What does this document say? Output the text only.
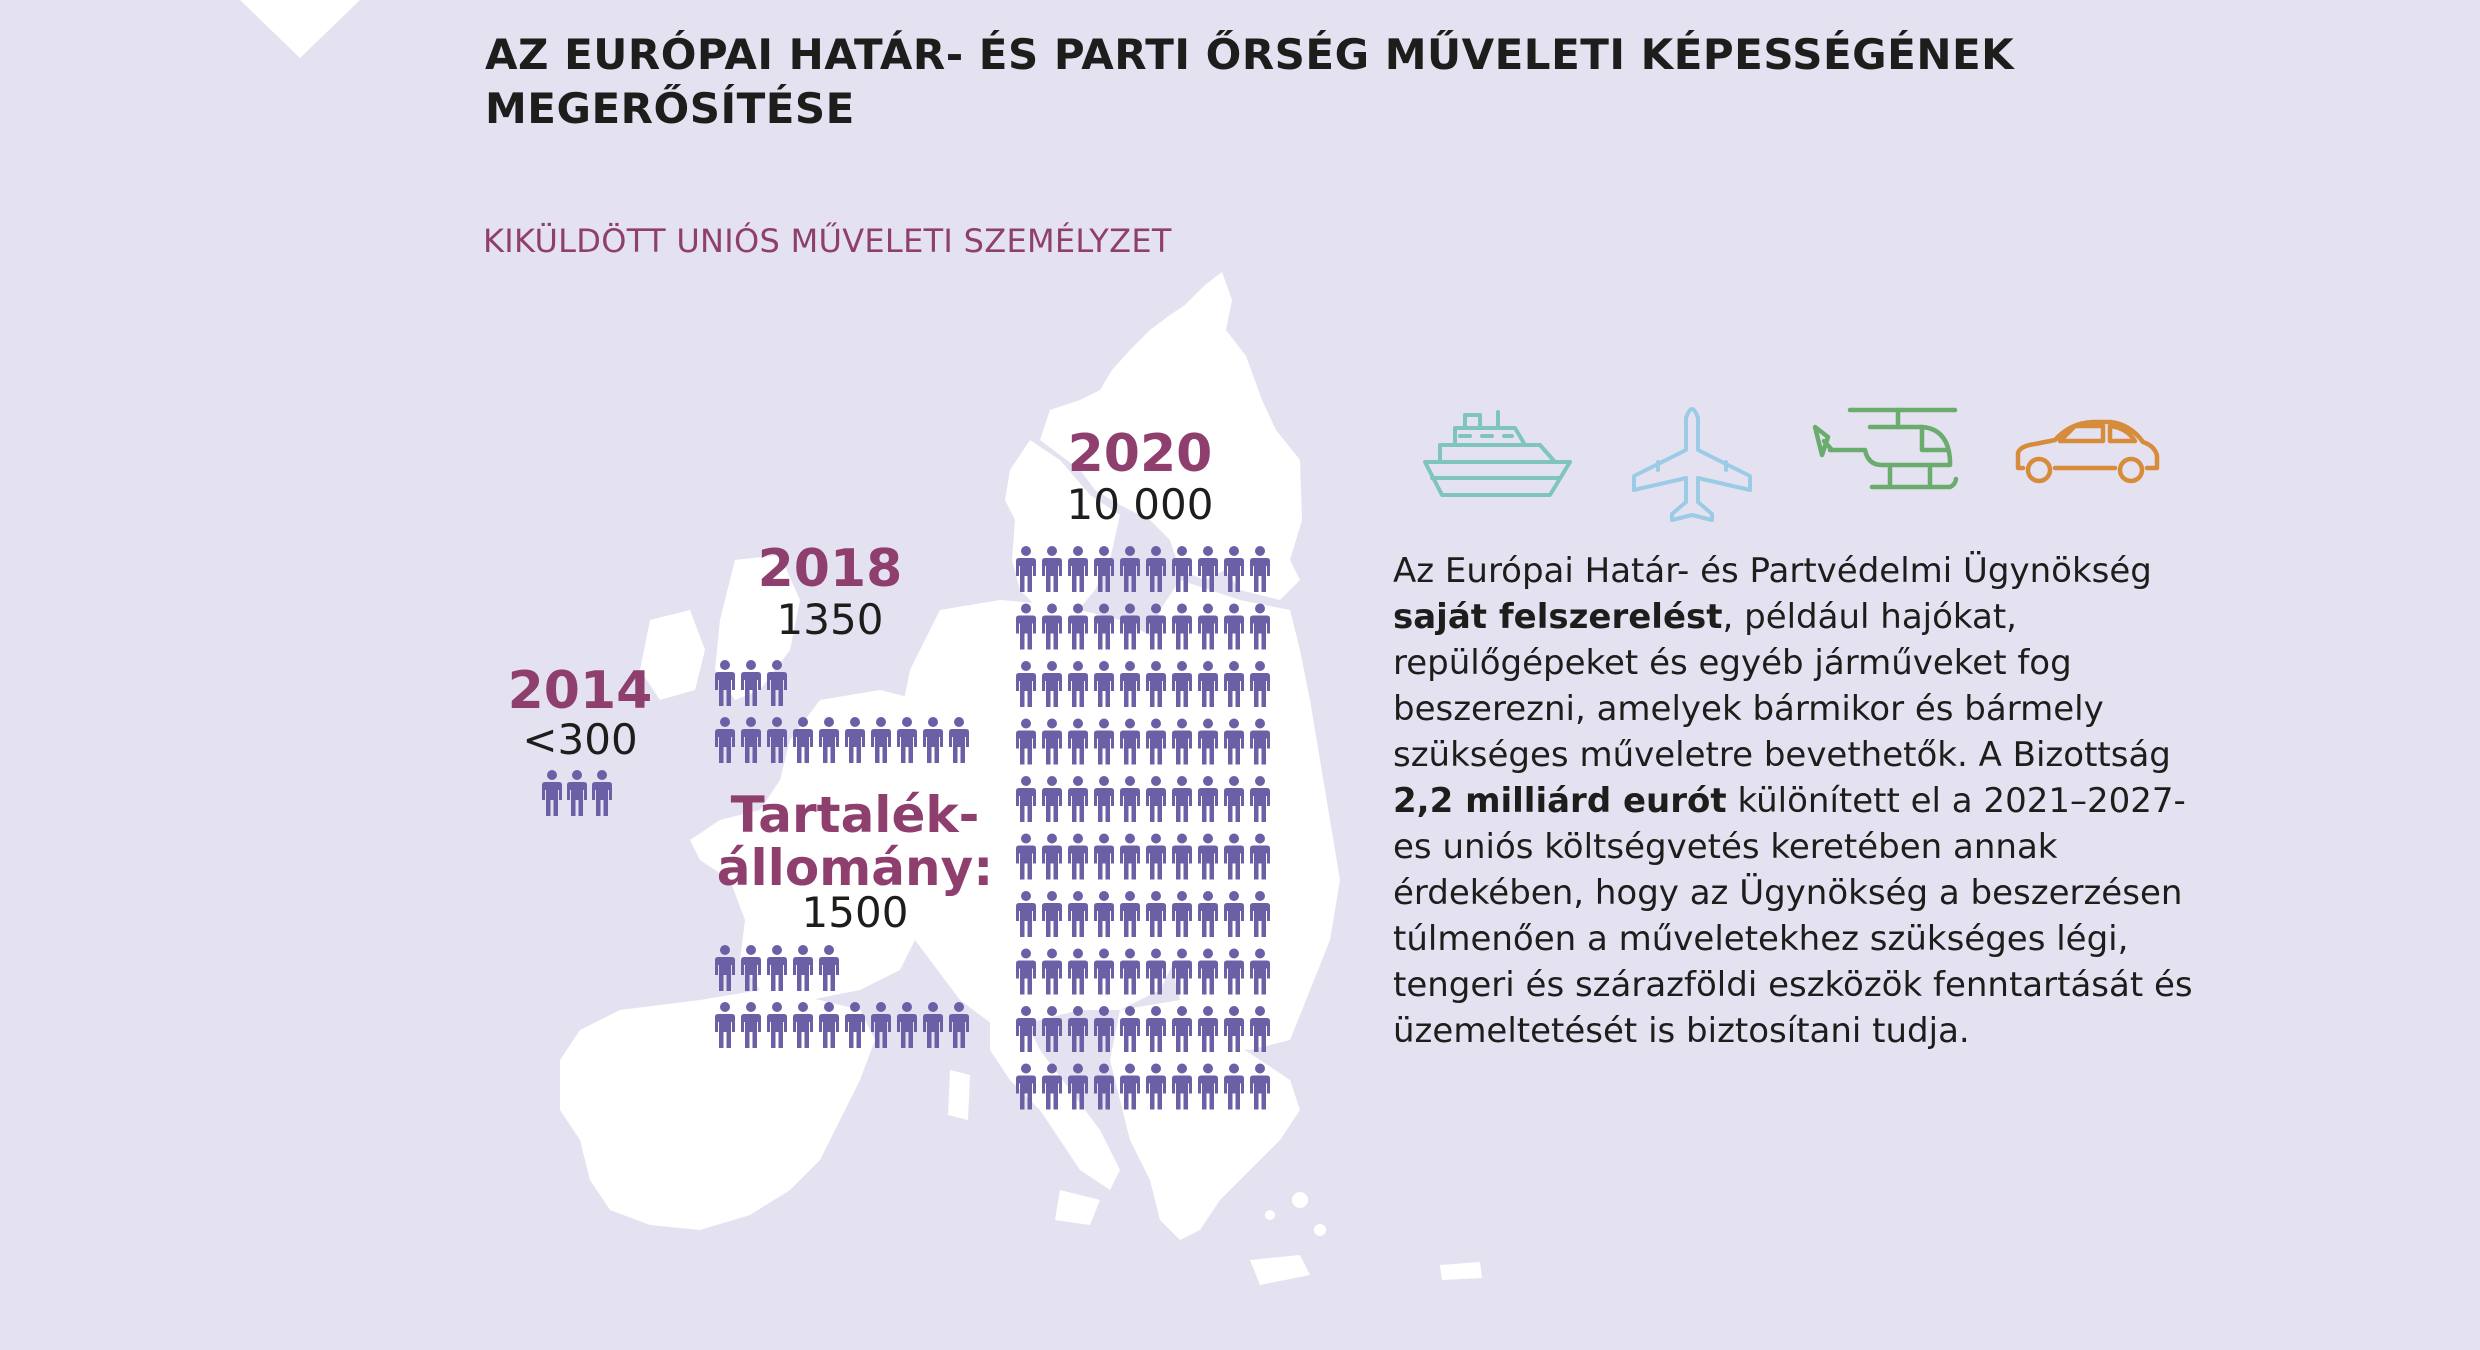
AZ EURÓPAI HATÁR- ÉS PARTI ŐRSÉG MŰVELETI KÉPESSÉGÉNEK MEGERŐSÍTÉSE
KIKÜLDÖTT UNIÓS MŰVELETI SZEMÉLYZET
2014
<300
2018
1350
2020
10 000
Tartalék-
állomány:
1500

Az Európai Határ- és Partvédelmi Ügynökség saját felszerelést, például hajókat, repülőgépeket és egyéb járműveket fog beszerezni, amelyek bármikor és bármely szükséges műveletre bevethetők. A Bizottság 2,2 milliárd eurót különített el a 2021–2027-es uniós költségvetés keretében annak érdekében, hogy az Ügynökség a beszerzésen túlmenően a műveletekhez szükséges légi, tengeri és szárazföldi eszközök fenntartását és üzemeltetését is biztosítani tudja.
